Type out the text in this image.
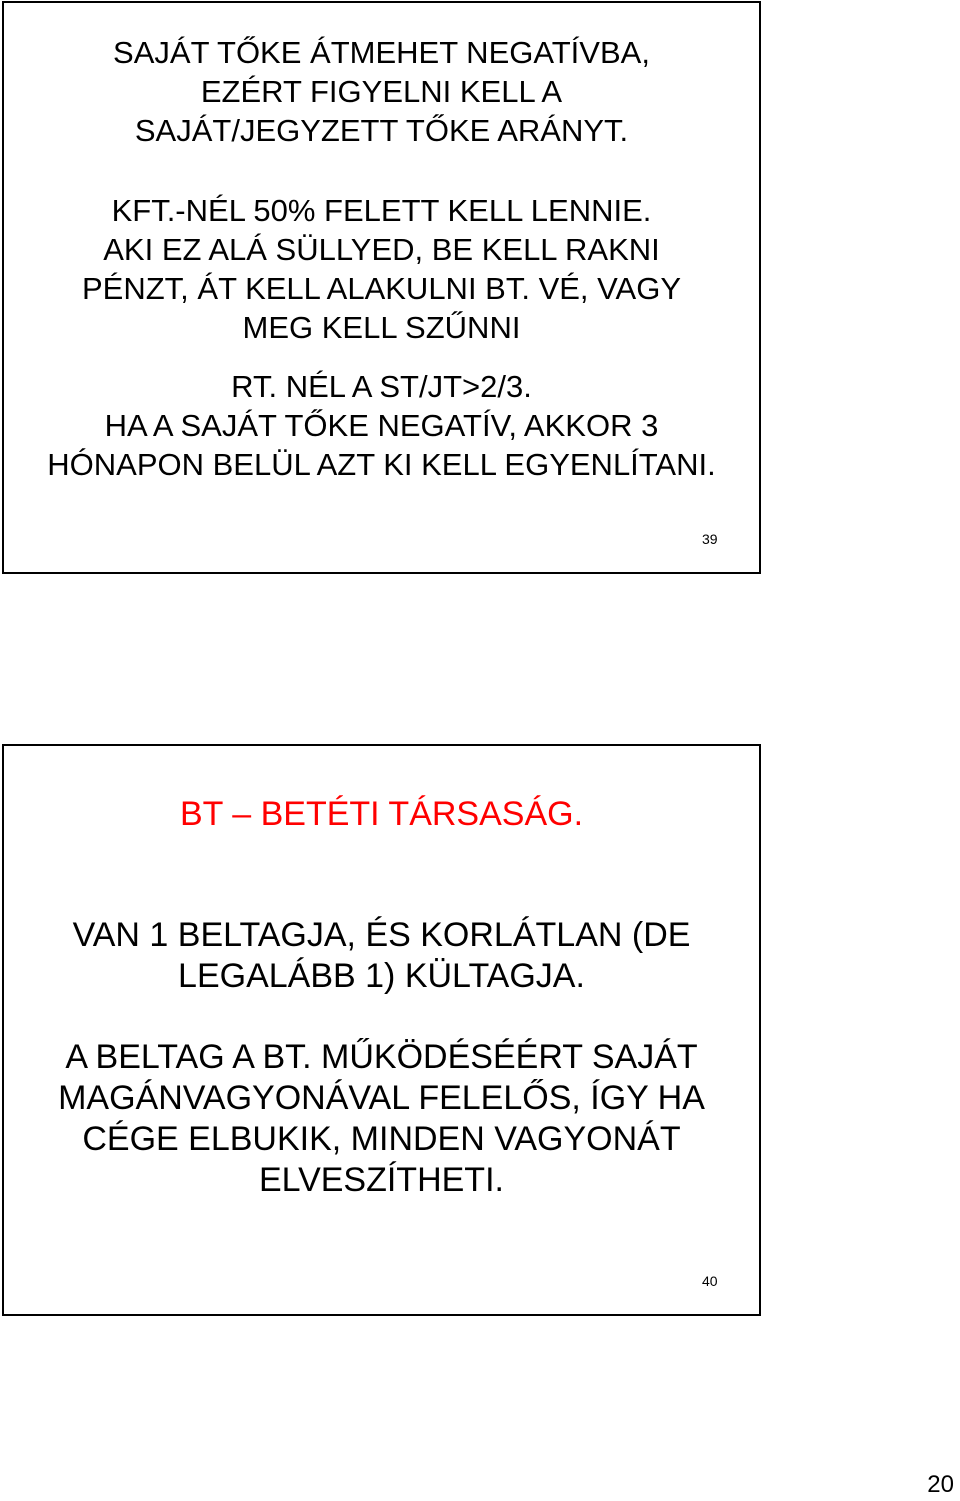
SAJÁT TŐKE ÁTMEHET NEGATÍVBA,
EZÉRT FIGYELNI KELL A
SAJÁT/JEGYZETT TŐKE ARÁNYT.

KFT.-NÉL 50% FELETT KELL LENNIE.
AKI EZ ALÁ SÜLLYED, BE KELL RAKNI
PÉNZT, ÁT KELL ALAKULNI BT. VÉ, VAGY
MEG KELL SZŰNNI

RT. NÉL A ST/JT>2/3.
HA A SAJÁT TŐKE NEGATÍV, AKKOR 3
HÓNAPON BELÜL AZT KI KELL EGYENLÍTANI.

39

BT – BETÉTI TÁRSASÁG.

VAN 1 BELTAGJA, ÉS KORLÁTLAN (DE
LEGALÁBB 1) KÜLTAGJA.

A BELTAG A BT. MŰKÖDÉSÉÉRT SAJÁT
MAGÁNVAGYONÁVAL FELELŐS, ÍGY HA
CÉGE ELBUKIK, MINDEN VAGYONÁT
ELVESZÍTHETI.

40
20
